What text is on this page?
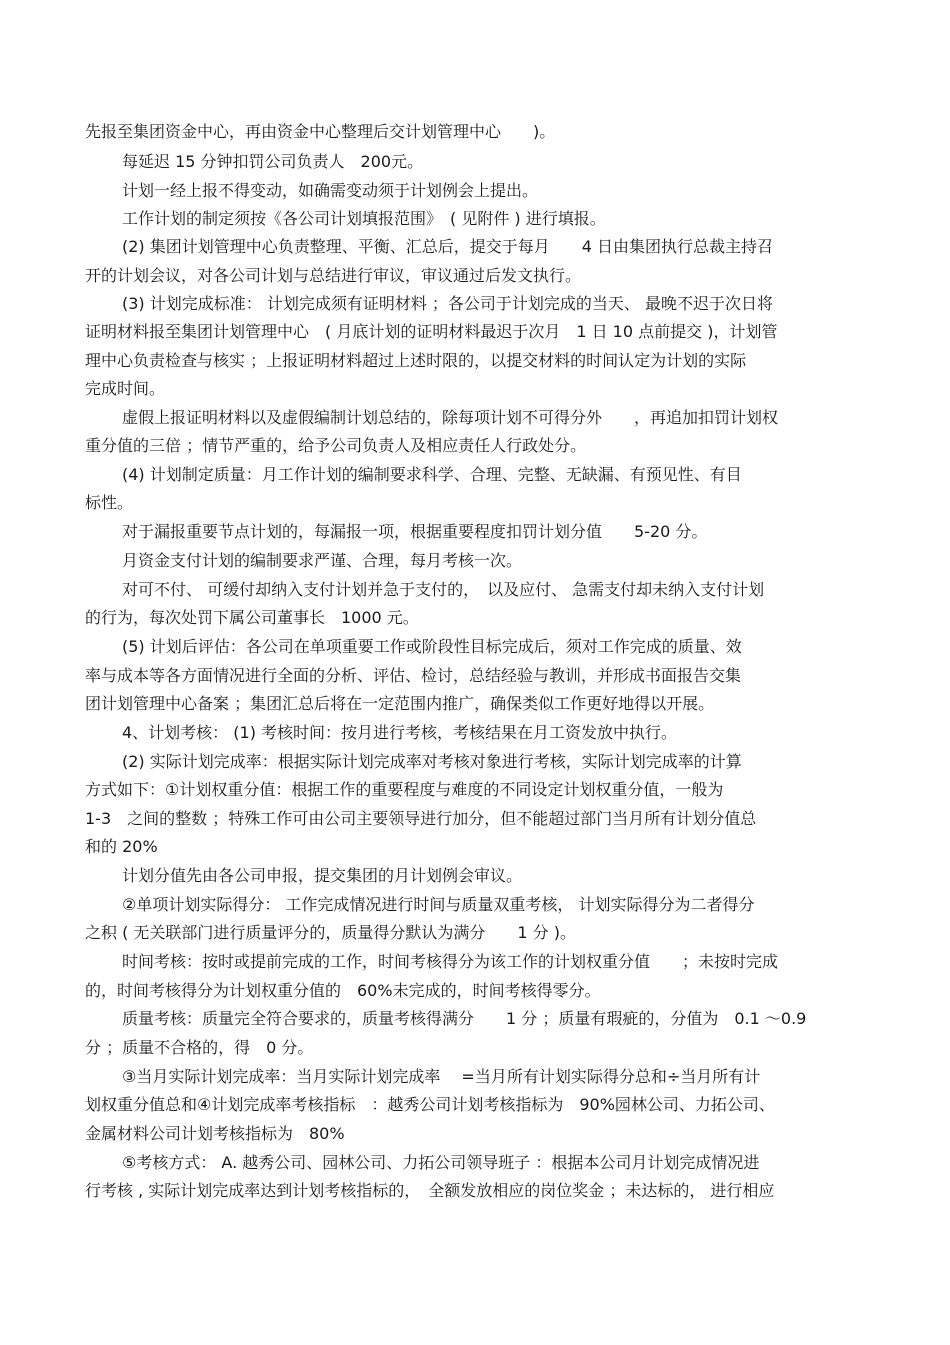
先报至集团资金中心，再由资金中心整理后交计划管理中心　　)。
每延迟 15 分钟扣罚公司负责人　200元。
计划一经上报不得变动，如确需变动须于计划例会上提出。
工作计划的制定须按《各公司计划填报范围》　( 见附件 ) 进行填报。
(2) 集团计划管理中心负责整理、平衡、汇总后，提交于每月　　4 日由集团执行总裁主持召
开的计划会议，对各公司计划与总结进行审议，审议通过后发文执行。
(3) 计划完成标准： 计划完成须有证明材料 ；各公司于计划完成的当天、 最晚不迟于次日将
证明材料报至集团计划管理中心　( 月底计划的证明材料最迟于次月　1 日 10 点前提交 )，计划管
理中心负责检查与核实 ；上报证明材料超过上述时限的，以提交材料的时间认定为计划的实际
完成时间。
虚假上报证明材料以及虚假编制计划总结的，除每项计划不可得分外　　，再追加扣罚计划权
重分值的三倍 ；情节严重的，给予公司负责人及相应责任人行政处分。
(4) 计划制定质量：月工作计划的编制要求科学、合理、完整、无缺漏、有预见性、有目
标性。
对于漏报重要节点计划的，每漏报一项，根据重要程度扣罚计划分值　　5-20 分。
月资金支付计划的编制要求严谨、合理，每月考核一次。
对可不付、 可缓付却纳入支付计划并急于支付的，　以及应付、 急需支付却未纳入支付计划
的行为，每次处罚下属公司董事长　1000 元。
(5) 计划后评估：各公司在单项重要工作或阶段性目标完成后，须对工作完成的质量、效
率与成本等各方面情况进行全面的分析、评估、检讨，总结经验与教训，并形成书面报告交集
团计划管理中心备案 ；集团汇总后将在一定范围内推广，确保类似工作更好地得以开展。
4、计划考核： (1) 考核时间：按月进行考核，考核结果在月工资发放中执行。
(2) 实际计划完成率：根据实际计划完成率对考核对象进行考核，实际计划完成率的计算
方式如下：①计划权重分值：根据工作的重要程度与难度的不同设定计划权重分值，一般为
1-3　之间的整数 ；特殊工作可由公司主要领导进行加分，但不能超过部门当月所有计划分值总
和的 20%
计划分值先由各公司申报，提交集团的月计划例会审议。
②单项计划实际得分： 工作完成情况进行时间与质量双重考核， 计划实际得分为二者得分
之积 ( 无关联部门进行质量评分的，质量得分默认为满分　　1 分 )。
时间考核：按时或提前完成的工作，时间考核得分为该工作的计划权重分值　　；未按时完成
的，时间考核得分为计划权重分值的　60%未完成的，时间考核得零分。
质量考核：质量完全符合要求的，质量考核得满分　　1 分 ；质量有瑕疵的，分值为　0.1 ～0.9
分 ；质量不合格的，得　0 分。
③当月实际计划完成率：当月实际计划完成率　 =当月所有计划实际得分总和÷当月所有计
划权重分值总和④计划完成率考核指标　：越秀公司计划考核指标为　90%园林公司、力拓公司、
金属材料公司计划考核指标为　80%
⑤考核方式： A. 越秀公司、园林公司、力拓公司领导班子 ：根据本公司月计划完成情况进
行考核 , 实际计划完成率达到计划考核指标的，　全额发放相应的岗位奖金 ；未达标的， 进行相应
